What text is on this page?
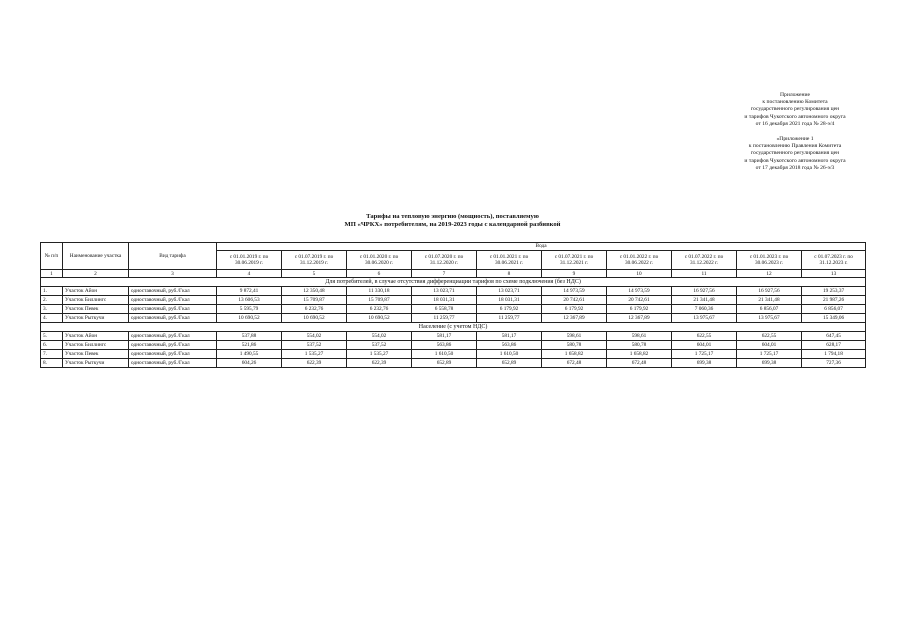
Приложение
к постановлению Комитета
государственного регулирования цен
и тарифов Чукотского автономного округа
от 16 декабря 2021 года № 28-э/4
«Приложение 1
к постановлению Правления Комитета
государственного регулирования цен
и тарифов Чукотского автономного округа
от 17 декабря 2018 года № 26-э/3
Тарифы на тепловую энергию (мощность), поставляемую
МП «ЧРКХ» потребителям, на 2019-2023 годы с календарной разбивкой
№ п/п	Наименование участка	Вид тарифа	Вода									
			с 01.01.2019 г. по 30.06.2019 г.	с 01.07.2019 г. по 31.12.2019 г.	с 01.01.2020 г. по 30.06.2020 г.	с 01.07.2020 г. по 31.12.2020 г.	с 01.01.2021 г. по 30.06.2021 г.	с 01.07.2021 г. по 31.12.2021 г.	с 01.01.2022 г. по 30.06.2022 г.	с 01.07.2022 г. по 31.12.2022 г.	с 01.01.2023 г. по 30.06.2023 г.	с 01.07.2023 г. по 31.12.2023 г.
1	2	3	4	5	6	7	8	9	10	11	12	13
Для потребителей, в случае отсутствия дифференциации тарифов по схеме подключения (без НДС)												
1.	Участок Айон	одноставочный, руб./Гкал	9 872,41	12 350,48	11 330,18	13 023,71	13 023,71	14 973,59	14 973,59	16 927,56	16 927,56	19 253,37
2.	Участок Биллингс	одноставочный, руб./Гкал	13 606,53	15 709,87	15 709,87	18 031,31	18 031,31	20 742,61	20 742,61	21 341,48	21 341,48	21 987,26
3.	Участок Певек	одноставочный, руб./Гкал	5 595,79	6 232,76	6 232,76	6 558,78	6 179,92	6 179,92	6 179,92	7 060,36	6 856,07	6 856,07
4.	Участок Рыткучи	одноставочный, руб./Гкал	10 690,52	10 690,52	10 690,52	11 259,77	11 259,77	12 367,89	12 367,89	13 975,67	13 975,67	15 349,06
Население (с учетом НДС)												
5.	Участок Айон	одноставочный, руб./Гкал	537,88	554,02	554,02	581,17	581,17	598,61	598,61	622,55	622,55	647,45
6.	Участок Биллингс	одноставочный, руб./Гкал	521,86	537,52	537,52	563,86	563,86	580,78	580,78	604,01	604,01	628,17
7.	Участок Певек	одноставочный, руб./Гкал	1 490,55	1 535,27	1 535,27	1 610,50	1 610,50	1 658,82	1 658,82	1 725,17	1 725,17	1 794,18
8.	Участок Рыткучи	одноставочный, руб./Гкал	604,26	622,39	622,39	652,89	652,89	672,48	672,48	699,38	699,38	727,36
